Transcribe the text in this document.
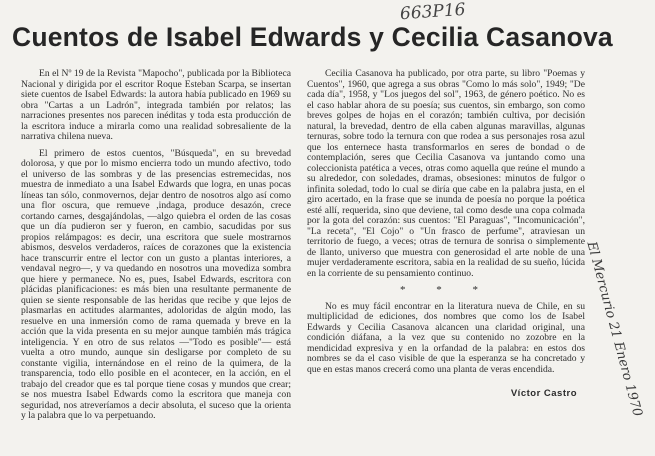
663P16
Cuentos de Isabel Edwards y Cecilia Casanova

En el Nº 19 de la Revista "Mapocho", publicada por la Biblioteca Nacional y dirigida por el escritor Roque Esteban Scarpa, se insertan siete cuentos de Isabel Edwards: la autora había publicado en 1969 su obra "Cartas a un Ladrón", integrada también por relatos; las narraciones presentes nos parecen inéditas y toda esta producción de la escritora induce a mirarla como una realidad sobresaliente de la narrativa chilena nueva.

El primero de estos cuentos, "Búsqueda", en su brevedad dolorosa, y que por lo mismo encierra todo un mundo afectivo, todo el universo de las sombras y de las presencias estremecidas, nos muestra de inmediato a una Isabel Edwards que logra, en unas pocas líneas tan sólo, conmovernos, dejar dentro de nosotros algo así como una flor oscura, que remueve ,indaga, produce desazón, crece cortando carnes, desgajándolas, —algo quiebra el orden de las cosas que un día pudieron ser y fueron, en cambio, sacudidas por sus propios relámpagos: es decir, una escritora que suele mostrarnos abismos, desvelos verdaderos, raíces de corazones que la existencia hace transcurrir entre el lector con un gusto a plantas interiores, a vendaval negro—, y va quedando en nosotros una movediza sombra que hiere y permanece. No es, pues, Isabel Edwards, escritora con plácidas planificaciones: es más bien una resultante permanente de quien se siente responsable de las heridas que recibe y que lejos de plasmarlas en actitudes alarmantes, adoloridas de algún modo, las resuelve en una inmersión como de rama quemada y breve en la acción que la vida presenta en su mejor aunque también más trágica inteligencia. Y en otro de sus relatos —"Todo es posible"— está vuelta a otro mundo, aunque sin desligarse por completo de su constante vigilia, internándose en el reino de la quimera, de la transparencia, todo ello posible en el acontecer, en la acción, en el trabajo del creador que es tal porque tiene cosas y mundos que crear; se nos muestra Isabel Edwards como la escritora que maneja con seguridad, nos atreveríamos a decir absoluta, el suceso que la orienta y la palabra que lo va perpetuando.

Cecilia Casanova ha publicado, por otra parte, su libro "Poemas y Cuentos", 1960, que agrega a sus obras "Como lo más solo", 1949; "De cada día", 1958, y "Los juegos del sol", 1963, de género poético. No es el caso hablar ahora de su poesía; sus cuentos, sin embargo, son como breves golpes de hojas en el corazón; también cultiva, por decisión natural, la brevedad, dentro de ella caben algunas maravillas, algunas ternuras, sobre todo la ternura con que rodea a sus personajes rosa azul que los enternece hasta transformarlos en seres de bondad o de contemplación, seres que Cecilia Casanova va juntando como una coleccionista patética a veces, otras como aquella que reúne el mundo a su alrededor, con soledades, dramas, obsesiones: minutos de fulgor o infinita soledad, todo lo cual se diría que cabe en la palabra justa, en el giro acertado, en la frase que se inunda de poesía no porque la poética esté allí, requerida, sino que deviene, tal como desde una copa colmada por la gota del corazón: sus cuentos: "El Paraguas", "Incomunicación", "La receta", "El Cojo" o "Un frasco de perfume", atraviesan un territorio de fuego, a veces; otras de ternura de sonrisa o simplemente de llanto, universo que muestra con generosidad el arte noble de una mujer verdaderamente escritora, sabia en la realidad de su sueño, lúcida en la corriente de su pensamiento continuo.

* * *

No es muy fácil encontrar en la literatura nueva de Chile, en su multiplicidad de ediciones, dos nombres que como los de Isabel Edwards y Cecilia Casanova alcancen una claridad original, una condición diáfana, a la vez que su contenido no zozobre en la mendicidad expresiva y en la orfandad de la palabra: en estos dos nombres se da el caso visible de que la esperanza se ha concretado y que en estas manos crecerá como una planta de veras encendida.

Víctor Castro El Mercurio 21 Enero 1970
